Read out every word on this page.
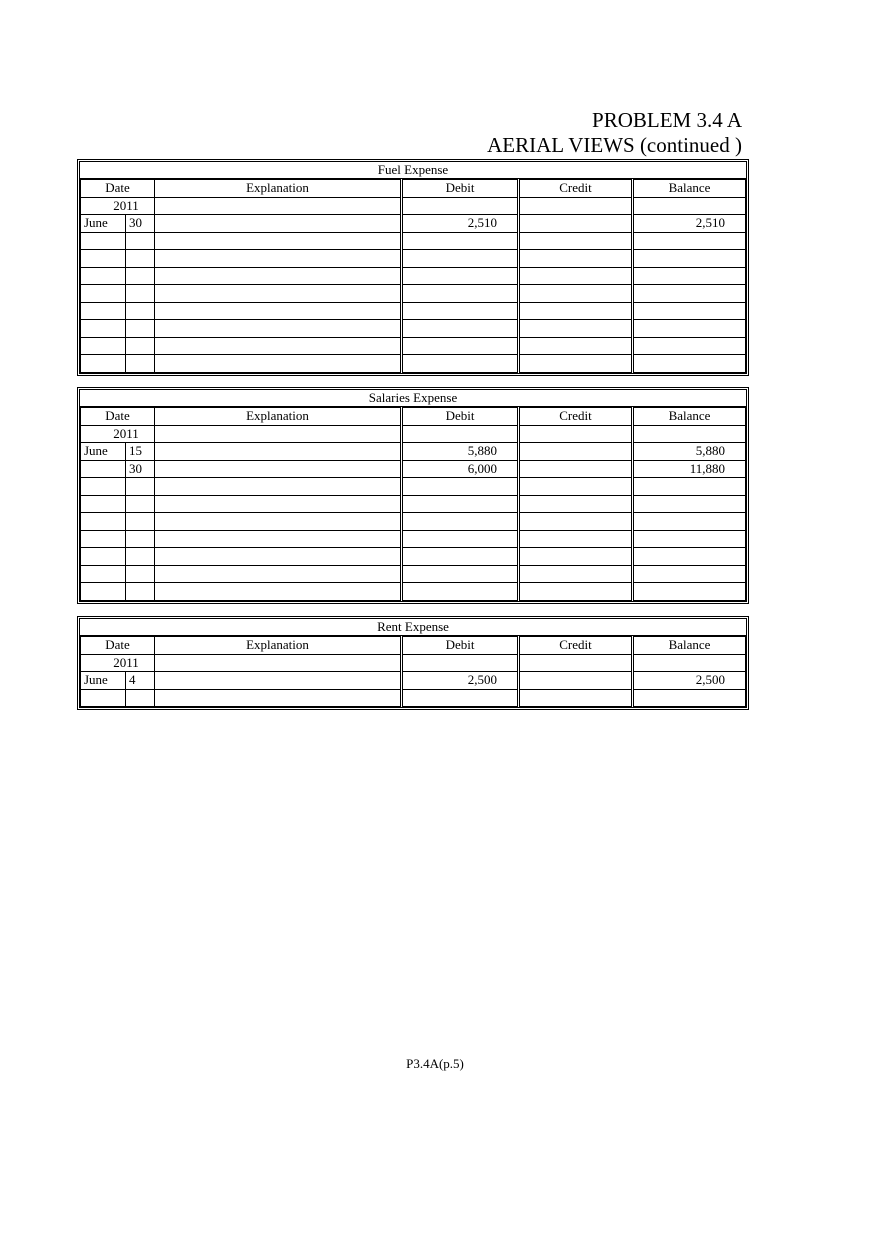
PROBLEM 3.4 A
AERIAL VIEWS (continued )
Fuel Expense
Date		Explanation	Debit	Credit	Balance
2011					
June	30		2,510		2,510

Salaries Expense
Date		Explanation	Debit	Credit	Balance
2011					
June	15		5,880		5,880
	30		6,000		11,880

Rent Expense
Date		Explanation	Debit	Credit	Balance
2011					
June	4		2,500		2,500

P3.4A(p.5)
